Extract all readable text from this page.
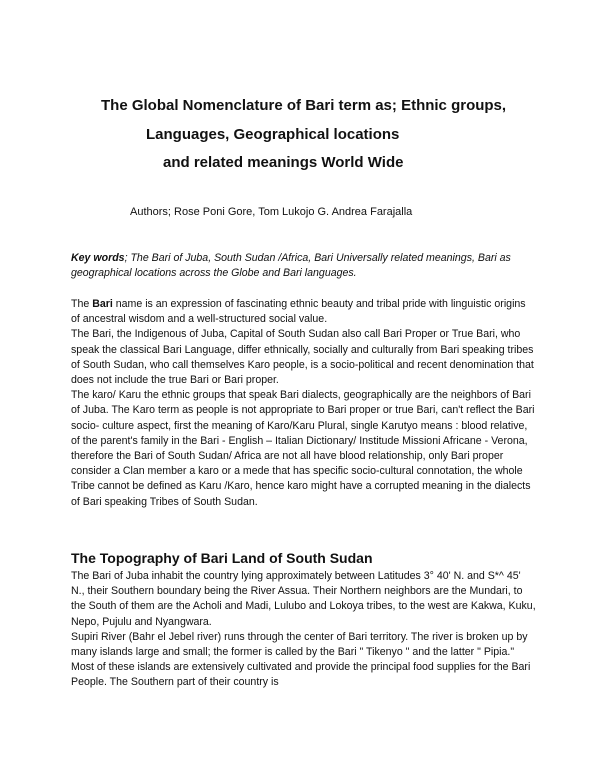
The Global Nomenclature of Bari term as; Ethnic groups,
Languages, Geographical locations
and related meanings World Wide
Authors; Rose Poni Gore, Tom Lukojo G. Andrea Farajalla
Key words; The Bari of Juba, South Sudan /Africa, Bari Universally related meanings, Bari as geographical locations across the Globe and Bari languages.

The Bari name is an expression of fascinating ethnic beauty and tribal pride with linguistic origins of ancestral wisdom and a well-structured social value.

The Bari, the Indigenous of Juba, Capital of South Sudan also call Bari Proper or True Bari, who speak the classical Bari Language, differ ethnically, socially and culturally from Bari speaking tribes of South Sudan, who call themselves Karo people, is a socio-political and recent denomination that does not include the true Bari or Bari proper.

The karo/ Karu the ethnic groups that speak Bari dialects, geographically are the neighbors of Bari of Juba. The Karo term as people is not appropriate to Bari proper or true Bari, can't reflect the Bari socio- culture aspect, first the meaning of Karo/Karu Plural, single Karutyo means : blood relative, of the parent's family in the Bari - English – Italian Dictionary/ Institude Missioni Africane - Verona, therefore the Bari of South Sudan/ Africa are not all have blood relationship, only Bari proper consider a Clan member a karo or a mede that has specific socio-cultural connotation, the whole Tribe cannot be defined as Karu /Karo, hence karo might have a corrupted meaning in the dialects of Bari speaking Tribes of South Sudan.

The Topography of Bari Land of South Sudan

The Bari of Juba inhabit the country lying approximately between Latitudes 3° 40' N. and S*^ 45' N., their Southern boundary being the River Assua. Their Northern neighbors are the Mundari, to the South of them are the Acholi and Madi, Lulubo and Lokoya tribes, to the west are Kakwa, Kuku, Nepo, Pujulu and Nyangwara.

Supiri River (Bahr el Jebel river) runs through the center of Bari territory. The river is broken up by many islands large and small; the former is called by the Bari " Tikenyo " and the latter " Pipia." Most of these islands are extensively cultivated and provide the principal food supplies for the Bari People. The Southern part of their country is
